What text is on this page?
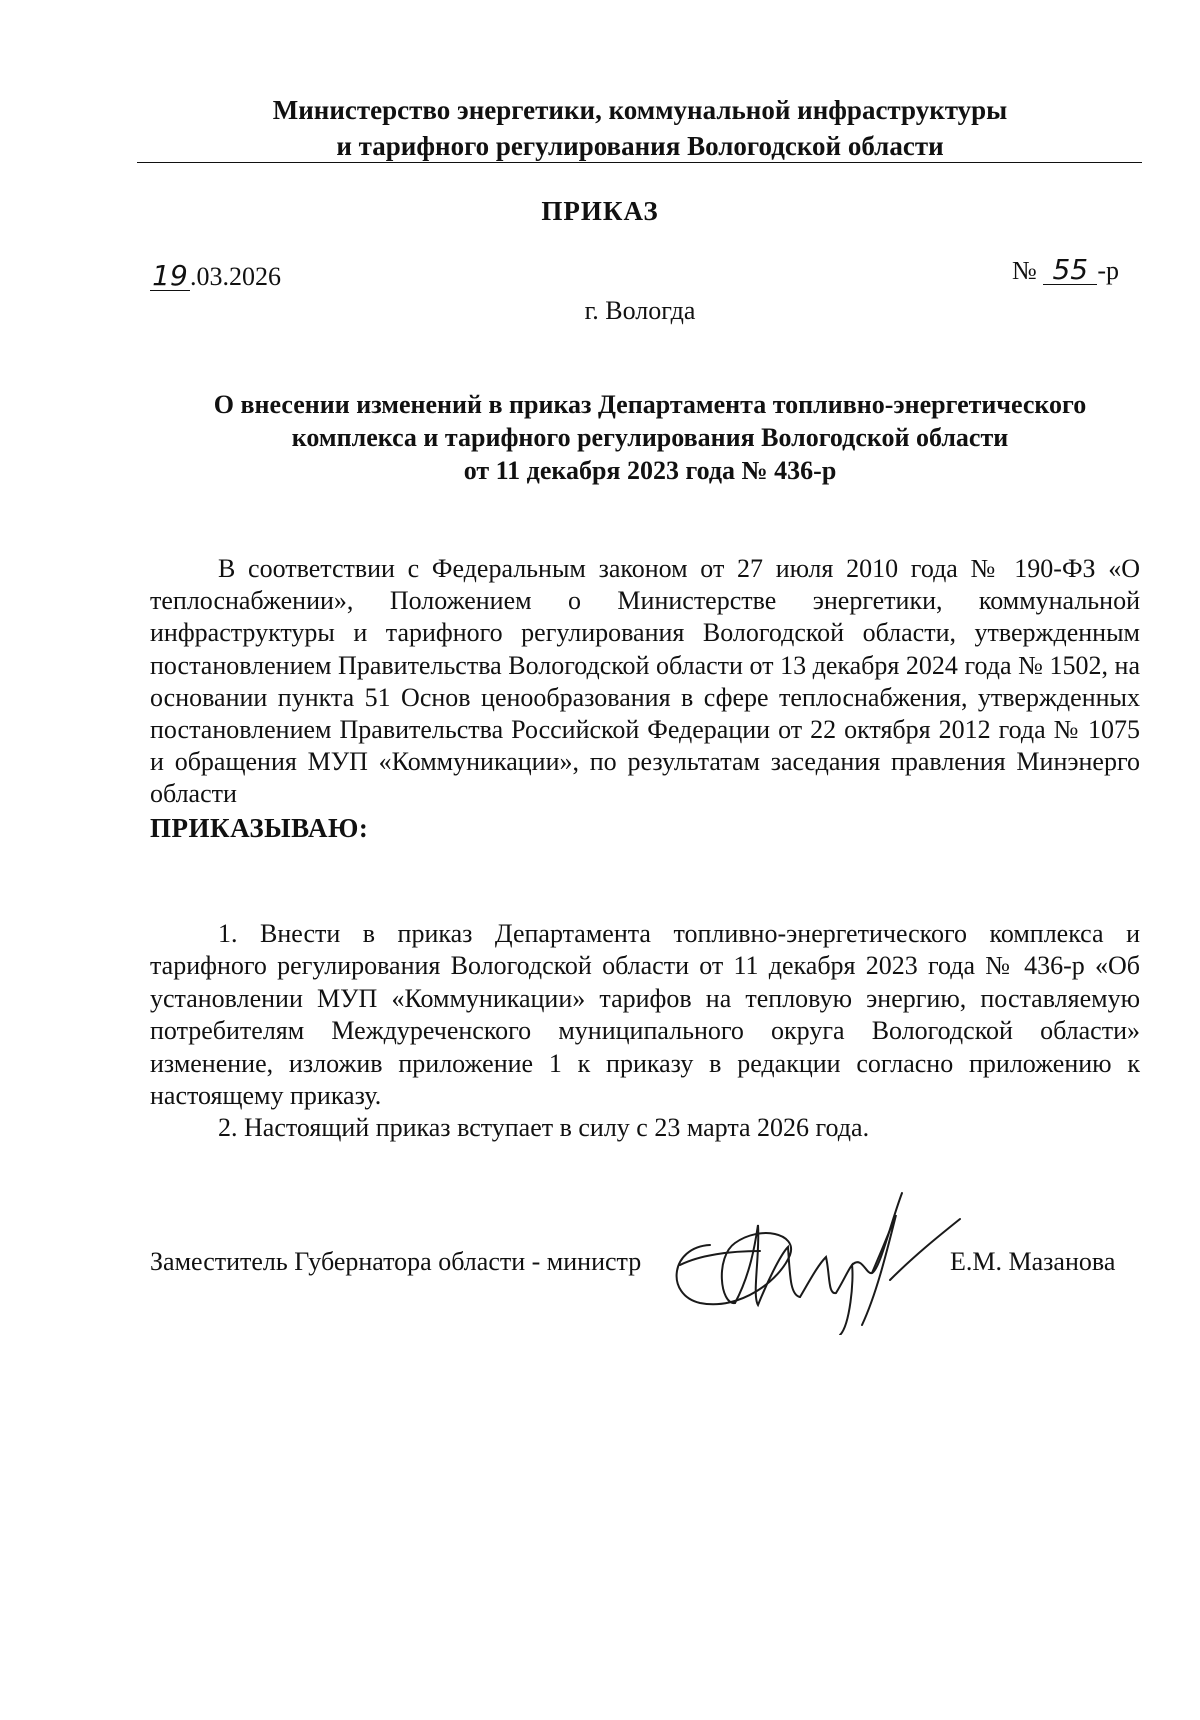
Министерство энергетики, коммунальной инфраструктуры
и тарифного регулирования Вологодской области
ПРИКАЗ
19.03.2026	№ 55 -р
г. Вологда
О внесении изменений в приказ Департамента топливно-энергетического
комплекса и тарифного регулирования Вологодской области
от 11 декабря 2023 года № 436-р

В соответствии с Федеральным законом от 27 июля 2010 года № 190-ФЗ «О теплоснабжении», Положением о Министерстве энергетики, коммунальной инфраструктуры и тарифного регулирования Вологодской области, утвержденным постановлением Правительства Вологодской области от 13 декабря 2024 года № 1502, на основании пункта 51 Основ ценообразования в сфере теплоснабжения, утвержденных постановлением Правительства Российской Федерации от 22 октября 2012 года № 1075 и обращения МУП «Коммуникации», по результатам заседания правления Минэнерго области

ПРИКАЗЫВАЮ:

1. Внести в приказ Департамента топливно-энергетического комплекса и тарифного регулирования Вологодской области от 11 декабря 2023 года № 436-р «Об установлении МУП «Коммуникации» тарифов на тепловую энергию, поставляемую потребителям Междуреченского муниципального округа Вологодской области» изменение, изложив приложение 1 к приказу в редакции согласно приложению к настоящему приказу.

2. Настоящий приказ вступает в силу с 23 марта 2026 года.

Заместитель Губернатора области - министр	Е.М. Мазанова
